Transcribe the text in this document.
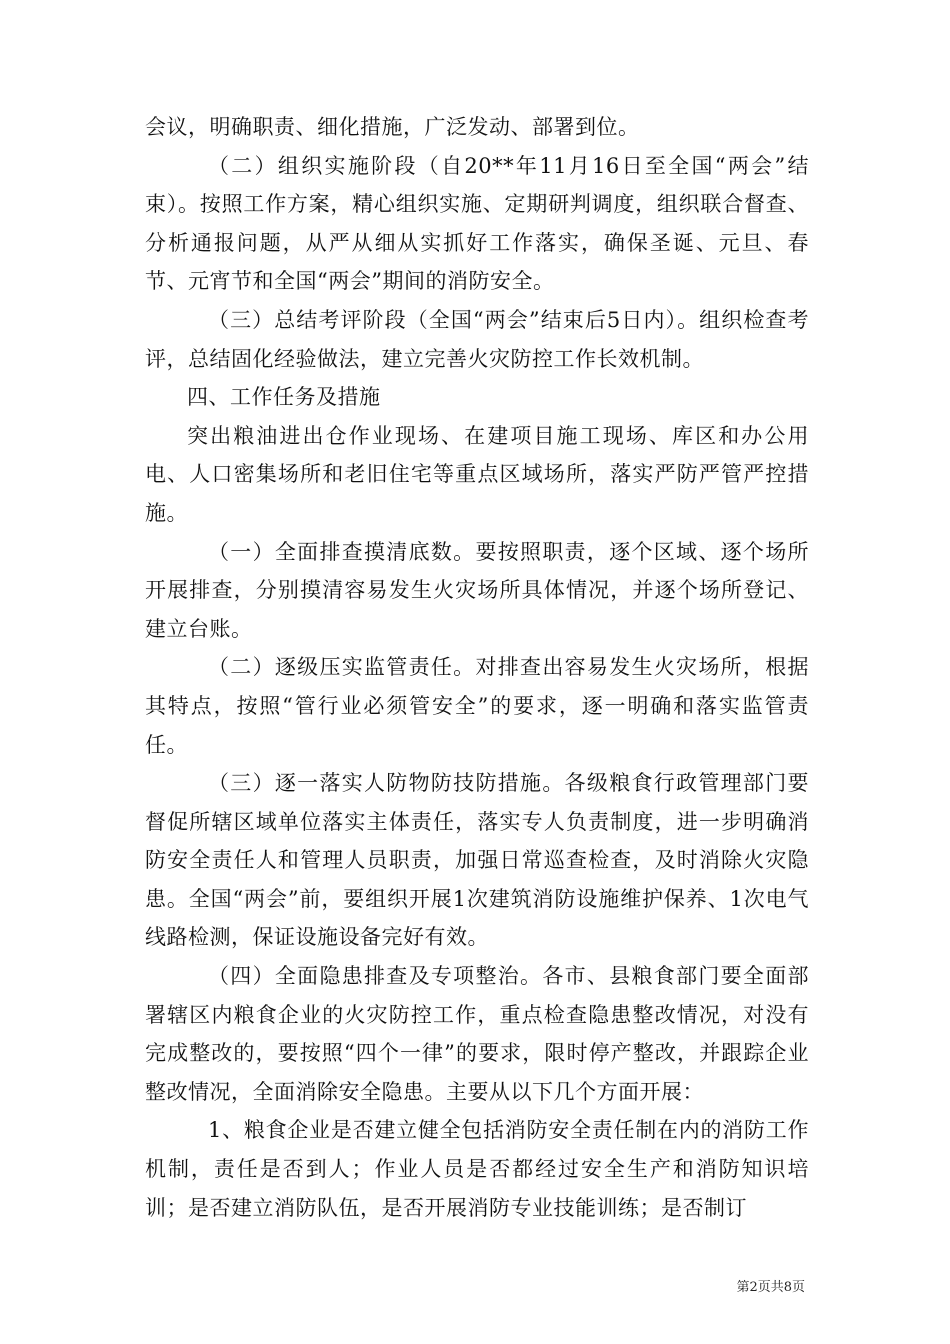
会议，明确职责、细化措施，广泛发动、部署到位。

（二）组织实施阶段（自20**年11月16日至全国“两会”结束）。按照工作方案，精心组织实施、定期研判调度，组织联合督查、分析通报问题，从严从细从实抓好工作落实，确保圣诞、元旦、春节、元宵节和全国“两会”期间的消防安全。

（三）总结考评阶段（全国“两会”结束后5日内）。组织检查考评，总结固化经验做法，建立完善火灾防控工作长效机制。

四、工作任务及措施

突出粮油进出仓作业现场、在建项目施工现场、库区和办公用电、人口密集场所和老旧住宅等重点区域场所，落实严防严管严控措施。

（一）全面排查摸清底数。要按照职责，逐个区域、逐个场所开展排查，分别摸清容易发生火灾场所具体情况，并逐个场所登记、建立台账。

（二）逐级压实监管责任。对排查出容易发生火灾场所，根据其特点，按照“管行业必须管安全”的要求，逐一明确和落实监管责任。

（三）逐一落实人防物防技防措施。各级粮食行政管理部门要督促所辖区域单位落实主体责任，落实专人负责制度，进一步明确消防安全责任人和管理人员职责，加强日常巡查检查，及时消除火灾隐患。全国“两会”前，要组织开展1次建筑消防设施维护保养、1次电气线路检测，保证设施设备完好有效。

（四）全面隐患排查及专项整治。各市、县粮食部门要全面部署辖区内粮食企业的火灾防控工作，重点检查隐患整改情况，对没有完成整改的，要按照“四个一律”的要求，限时停产整改，并跟踪企业整改情况，全面消除安全隐患。主要从以下几个方面开展：

1、粮食企业是否建立健全包括消防安全责任制在内的消防工作机制，责任是否到人；作业人员是否都经过安全生产和消防知识培训；是否建立消防队伍，是否开展消防专业技能训练；是否制订

第2页共8页
